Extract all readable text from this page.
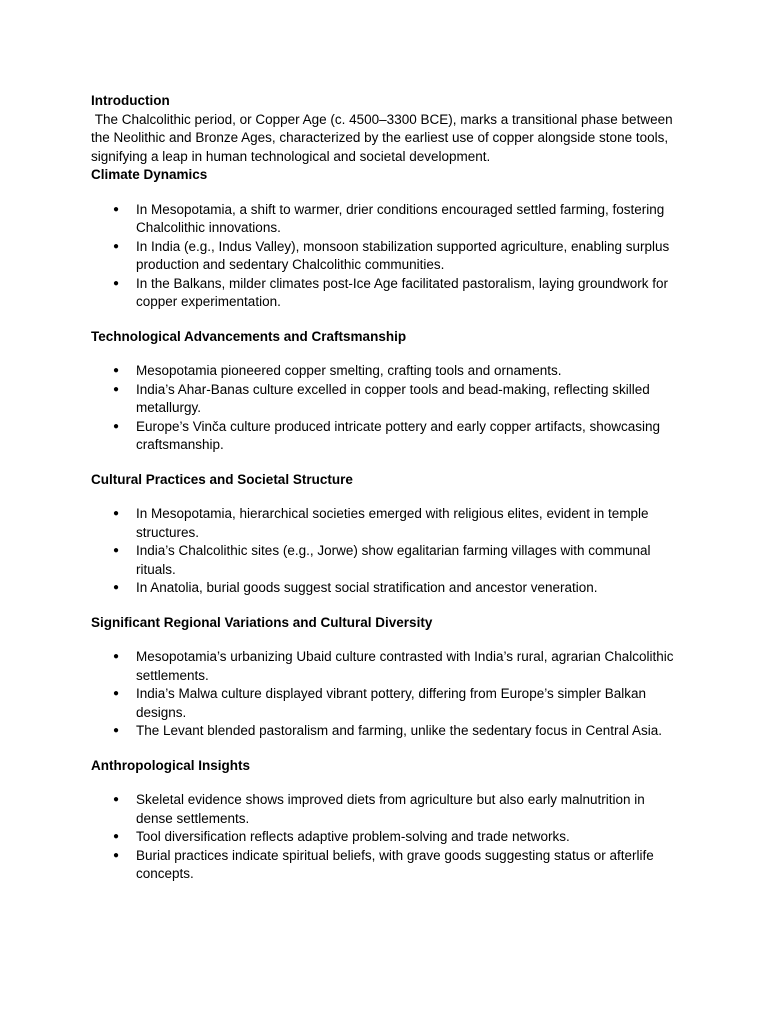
Introduction
The Chalcolithic period, or Copper Age (c. 4500–3300 BCE), marks a transitional phase between the Neolithic and Bronze Ages, characterized by the earliest use of copper alongside stone tools, signifying a leap in human technological and societal development.
Climate Dynamics
● In Mesopotamia, a shift to warmer, drier conditions encouraged settled farming, fostering Chalcolithic innovations.
● In India (e.g., Indus Valley), monsoon stabilization supported agriculture, enabling surplus production and sedentary Chalcolithic communities.
● In the Balkans, milder climates post-Ice Age facilitated pastoralism, laying groundwork for copper experimentation.
Technological Advancements and Craftsmanship
● Mesopotamia pioneered copper smelting, crafting tools and ornaments.
● India’s Ahar-Banas culture excelled in copper tools and bead-making, reflecting skilled metallurgy.
● Europe’s Vinča culture produced intricate pottery and early copper artifacts, showcasing craftsmanship.
Cultural Practices and Societal Structure
● In Mesopotamia, hierarchical societies emerged with religious elites, evident in temple structures.
● India’s Chalcolithic sites (e.g., Jorwe) show egalitarian farming villages with communal rituals.
● In Anatolia, burial goods suggest social stratification and ancestor veneration.
Significant Regional Variations and Cultural Diversity
● Mesopotamia’s urbanizing Ubaid culture contrasted with India’s rural, agrarian Chalcolithic settlements.
● India’s Malwa culture displayed vibrant pottery, differing from Europe’s simpler Balkan designs.
● The Levant blended pastoralism and farming, unlike the sedentary focus in Central Asia.
Anthropological Insights
● Skeletal evidence shows improved diets from agriculture but also early malnutrition in dense settlements.
● Tool diversification reflects adaptive problem-solving and trade networks.
● Burial practices indicate spiritual beliefs, with grave goods suggesting status or afterlife concepts.
